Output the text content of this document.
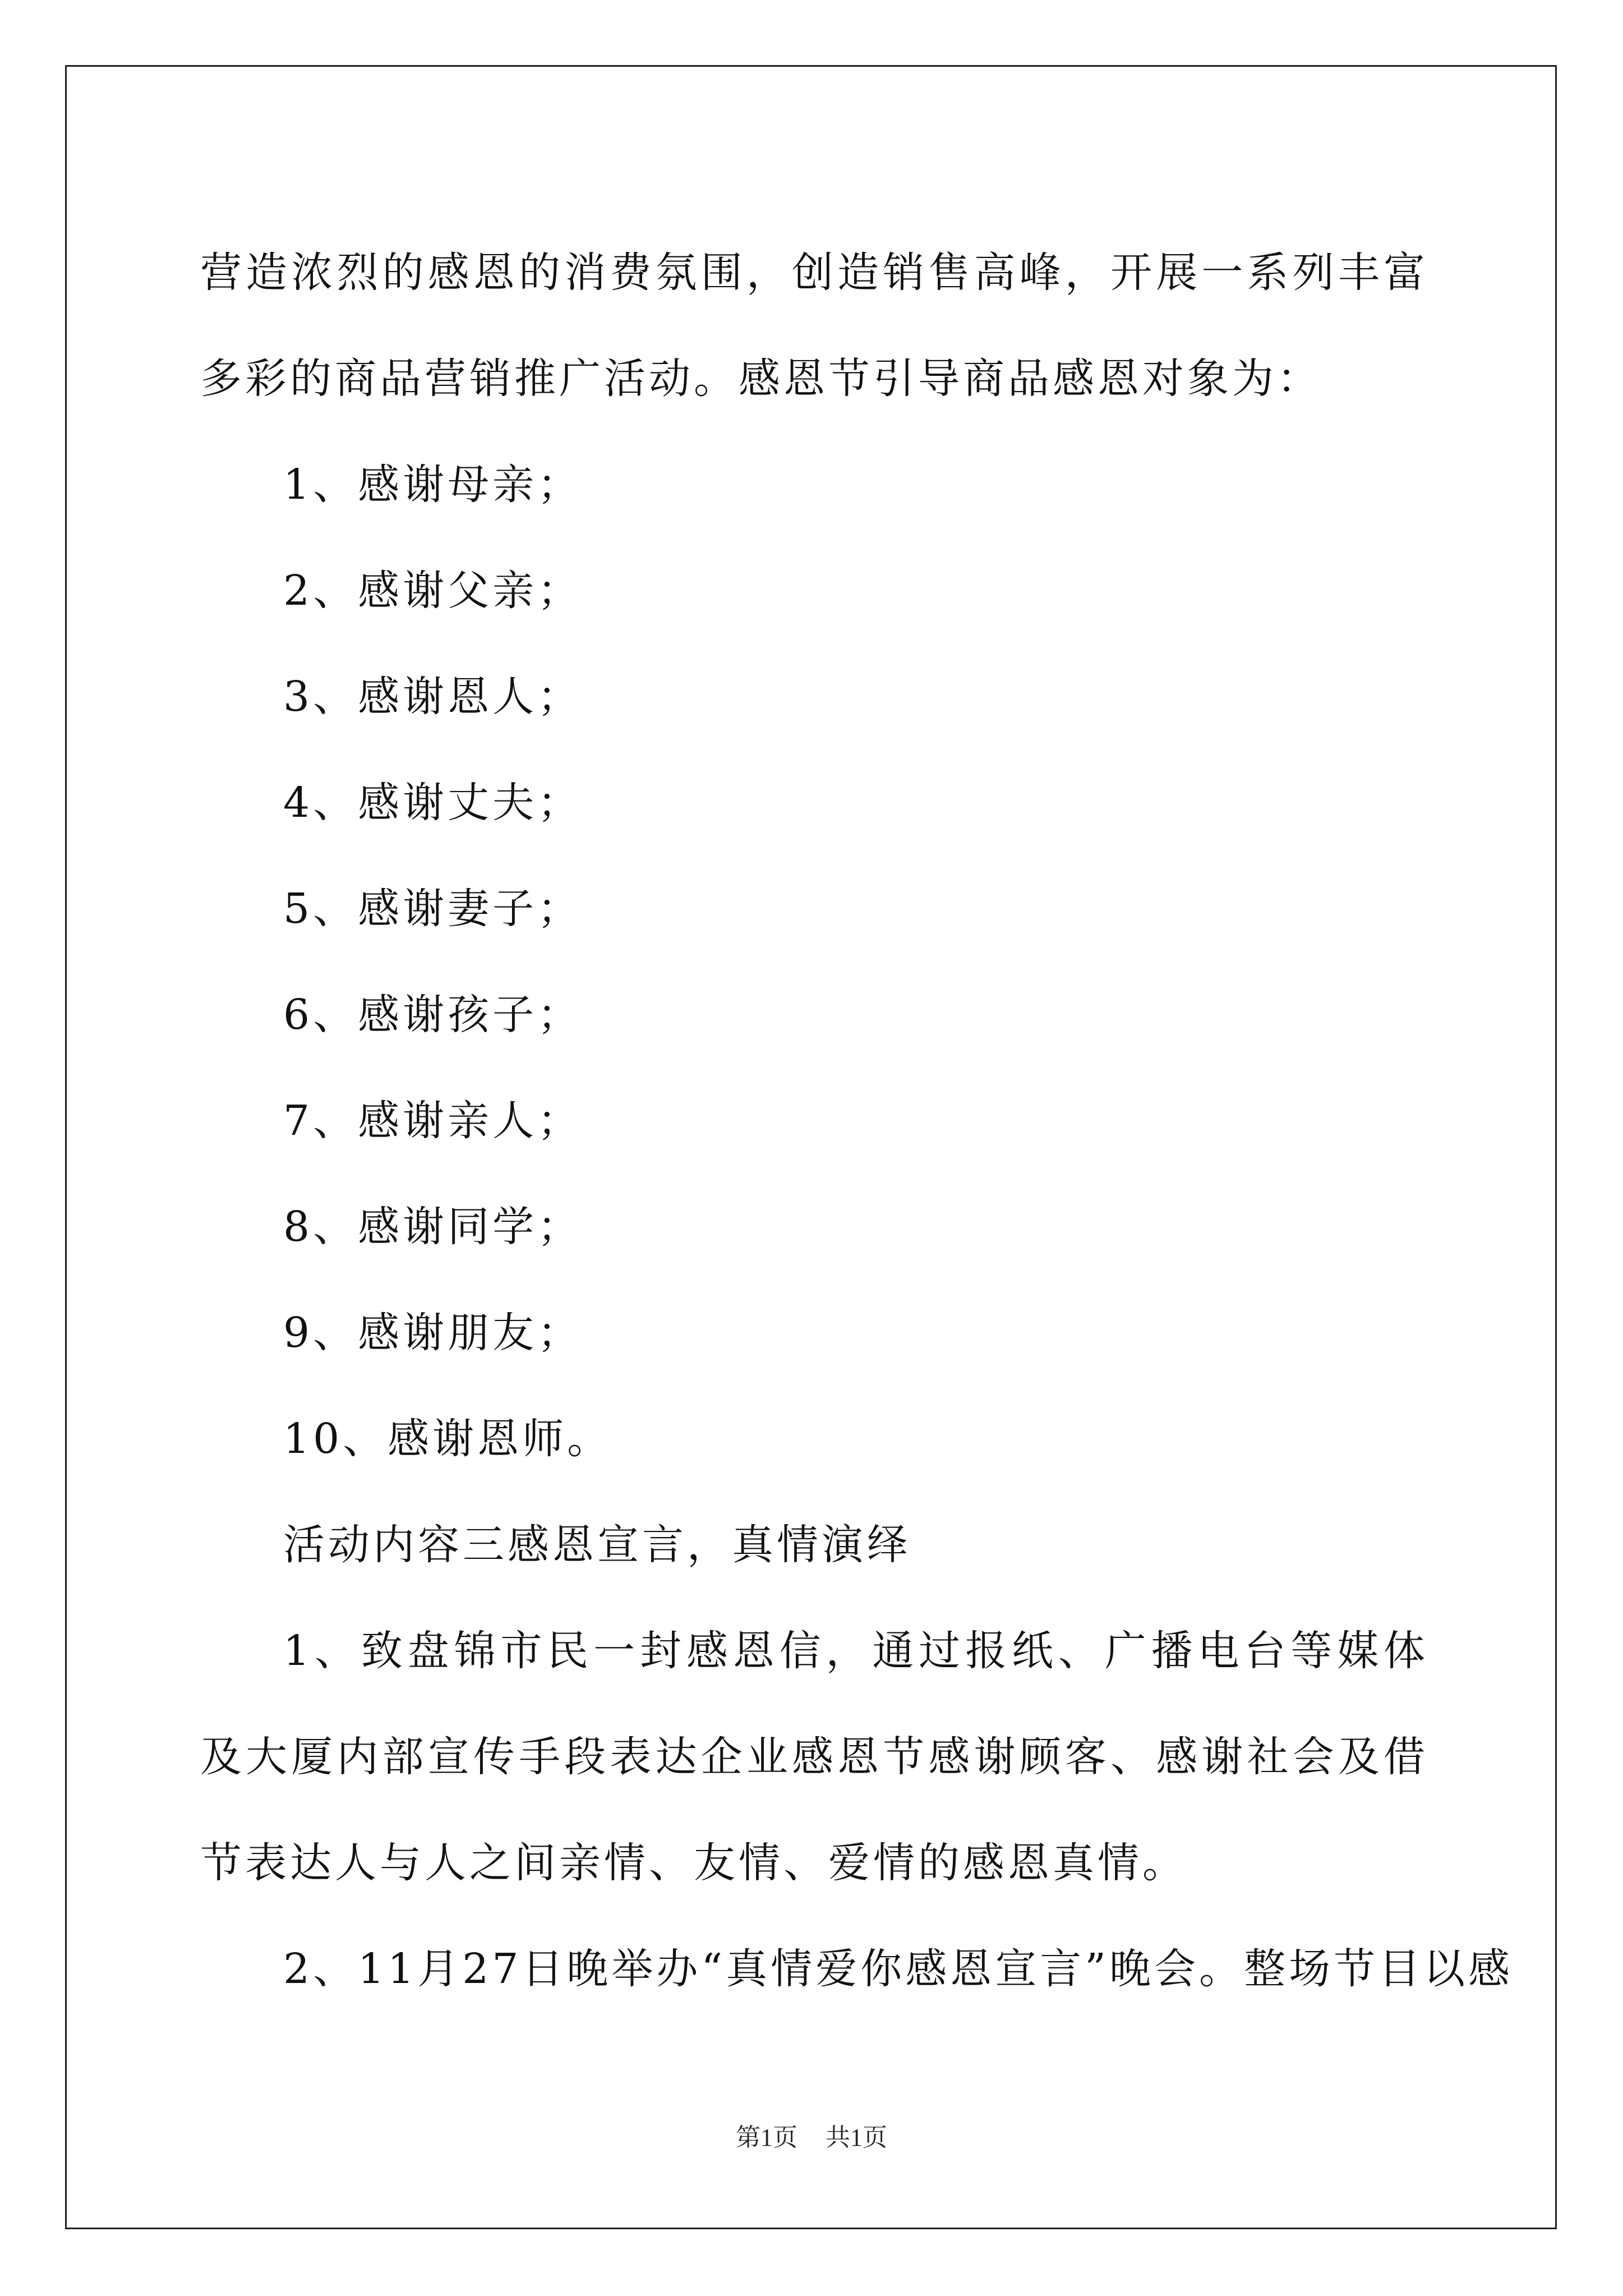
营造浓烈的感恩的消费氛围，创造销售高峰，开展一系列丰富多彩的商品营销推广活动。感恩节引导商品感恩对象为：

1、感谢母亲；

2、感谢父亲；

3、感谢恩人；

4、感谢丈夫；

5、感谢妻子；

6、感谢孩子；

7、感谢亲人；

8、感谢同学；

9、感谢朋友；

10、感谢恩师。

活动内容三感恩宣言，真情演绎

1、致盘锦市民一封感恩信，通过报纸、广播电台等媒体及大厦内部宣传手段表达企业感恩节感谢顾客、感谢社会及借节表达人与人之间亲情、友情、爱情的感恩真情。

2、11月27日晚举办“真情爱你感恩宣言”晚会。整场节目以感

第1页 共1页
